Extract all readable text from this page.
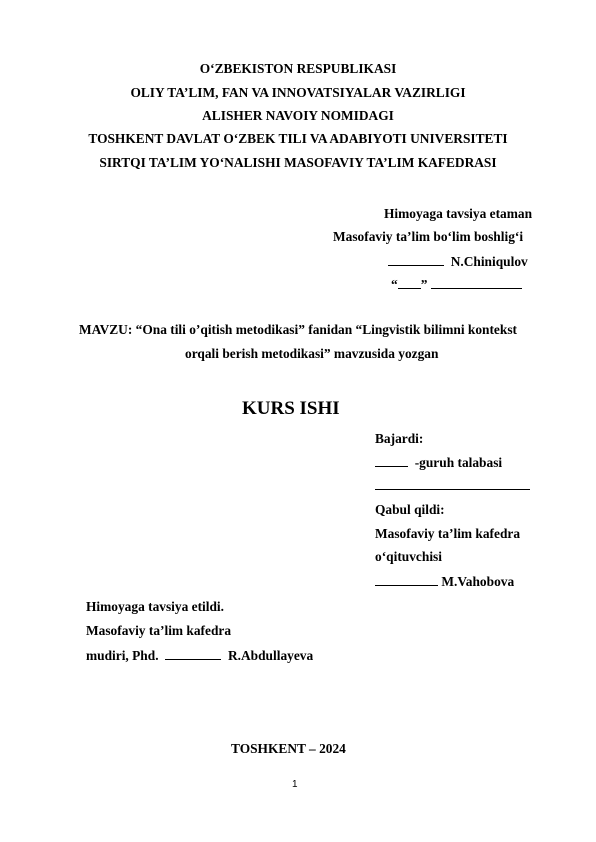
O‘ZBEKISTON RESPUBLIKASI
OLIY TA’LIM, FAN VA INNOVATSIYALAR VAZIRLIGI
ALISHER NAVOIY NOMIDAGI
TOSHKENT DAVLAT O‘ZBEK TILI VA ADABIYOTI UNIVERSITETI
SIRTQI TA’LIM YO‘NALISHI MASOFAVIY TA’LIM KAFEDRASI
Himoyaga tavsiya etaman
Masofaviy ta’lim bo‘lim boshlig‘i
N.Chiniqulov
“ ”
MAVZU: “Ona tili o’qitish metodikasi” fanidan “Lingvistik bilimni kontekst
orqali berish metodikasi” mavzusida yozgan
KURS ISHI
Bajardi:
-guruh talabasi
Qabul qildi:
Masofaviy ta’lim kafedra
o‘qituvchisi
M.Vahobova
Himoyaga tavsiya etildi.
Masofaviy ta’lim kafedra
mudiri, Phd.	R.Abdullayeva
TOSHKENT – 2024
1
